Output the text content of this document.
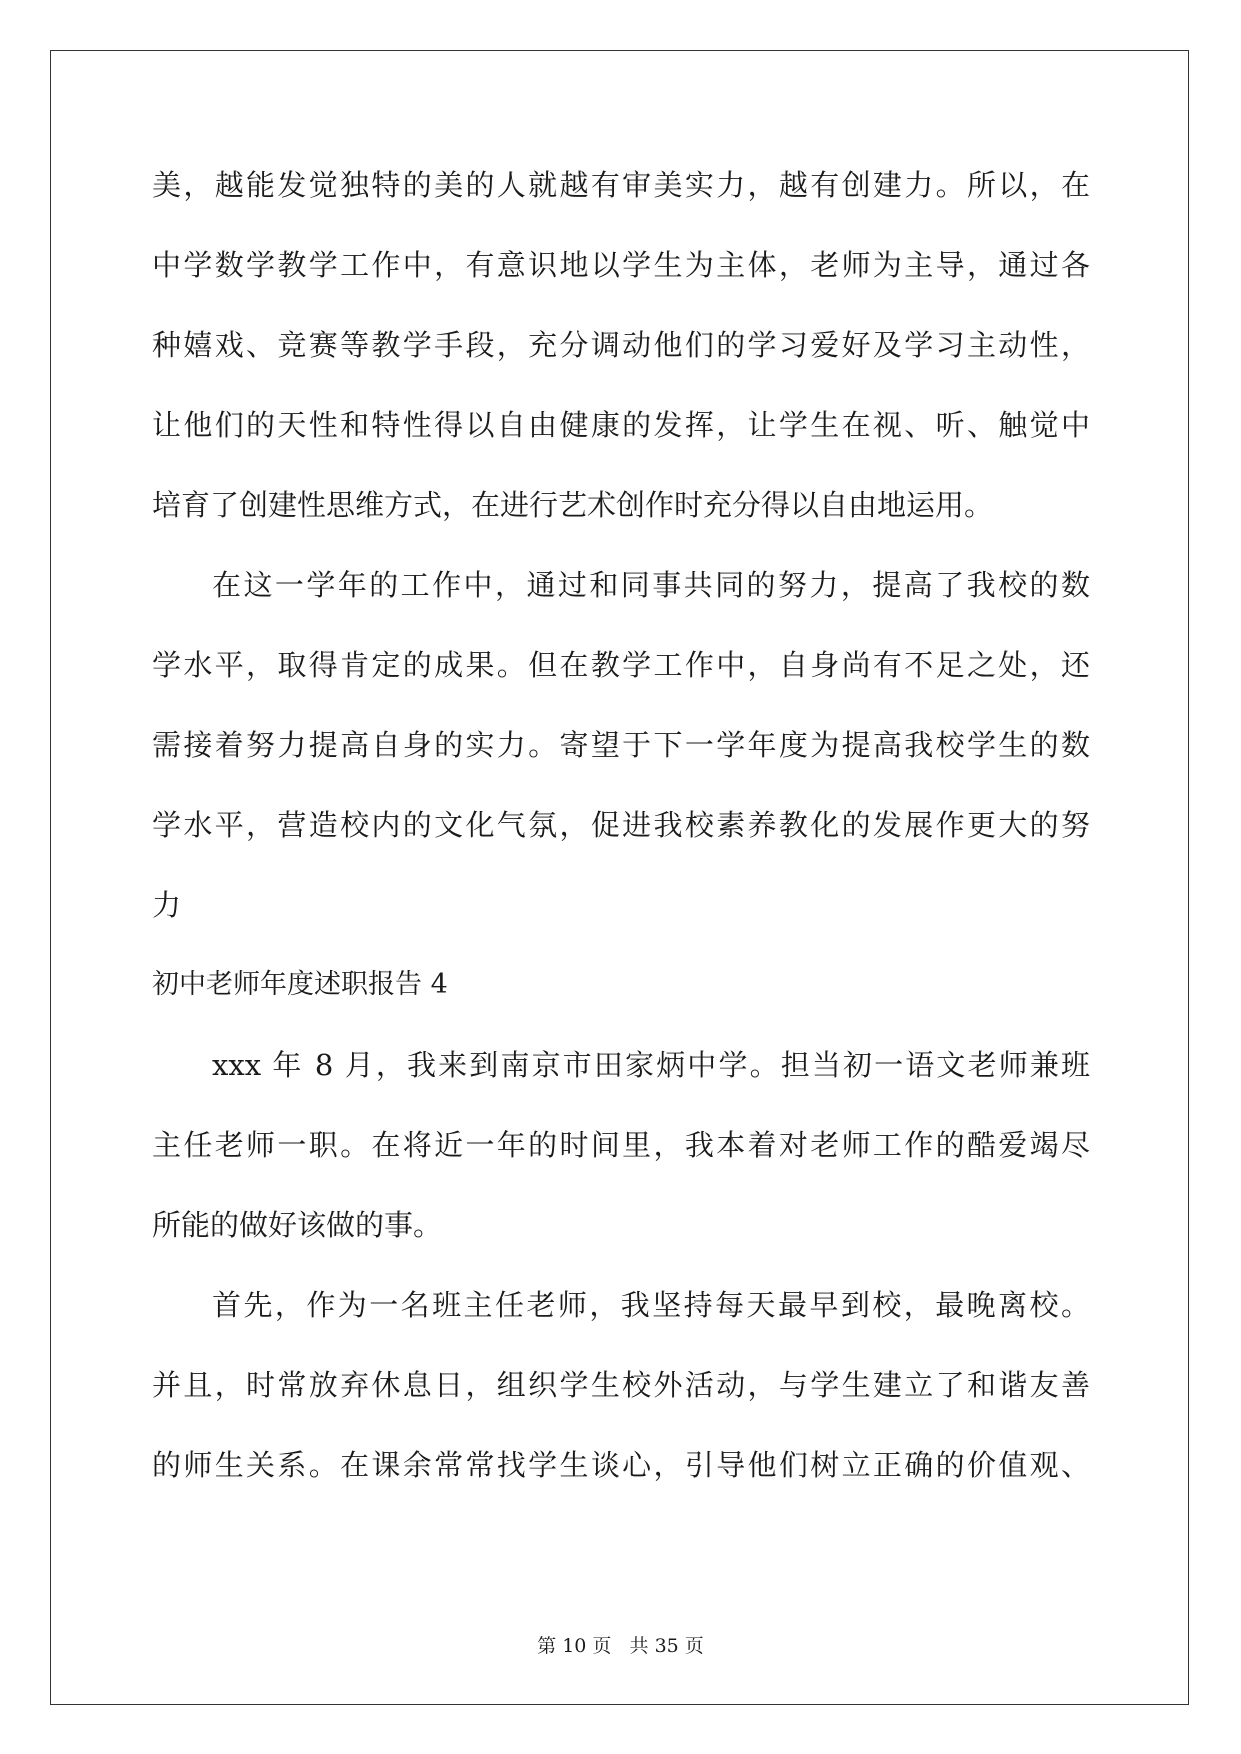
美，越能发觉独特的美的人就越有审美实力，越有创建力。所以，在
中学数学教学工作中，有意识地以学生为主体，老师为主导，通过各
种嬉戏、竞赛等教学手段，充分调动他们的学习爱好及学习主动性，
让他们的天性和特性得以自由健康的发挥，让学生在视、听、触觉中
培育了创建性思维方式，在进行艺术创作时充分得以自由地运用。
在这一学年的工作中，通过和同事共同的努力，提高了我校的数
学水平，取得肯定的成果。但在教学工作中，自身尚有不足之处，还
需接着努力提高自身的实力。寄望于下一学年度为提高我校学生的数
学水平，营造校内的文化气氛，促进我校素养教化的发展作更大的努
力
初中老师年度述职报告 4
xxx 年 8 月，我来到南京市田家炳中学。担当初一语文老师兼班
主任老师一职。在将近一年的时间里，我本着对老师工作的酷爱竭尽
所能的做好该做的事。
首先，作为一名班主任老师，我坚持每天最早到校，最晚离校。
并且，时常放弃休息日，组织学生校外活动，与学生建立了和谐友善
的师生关系。在课余常常找学生谈心，引导他们树立正确的价值观、
第 10 页   共 35 页
